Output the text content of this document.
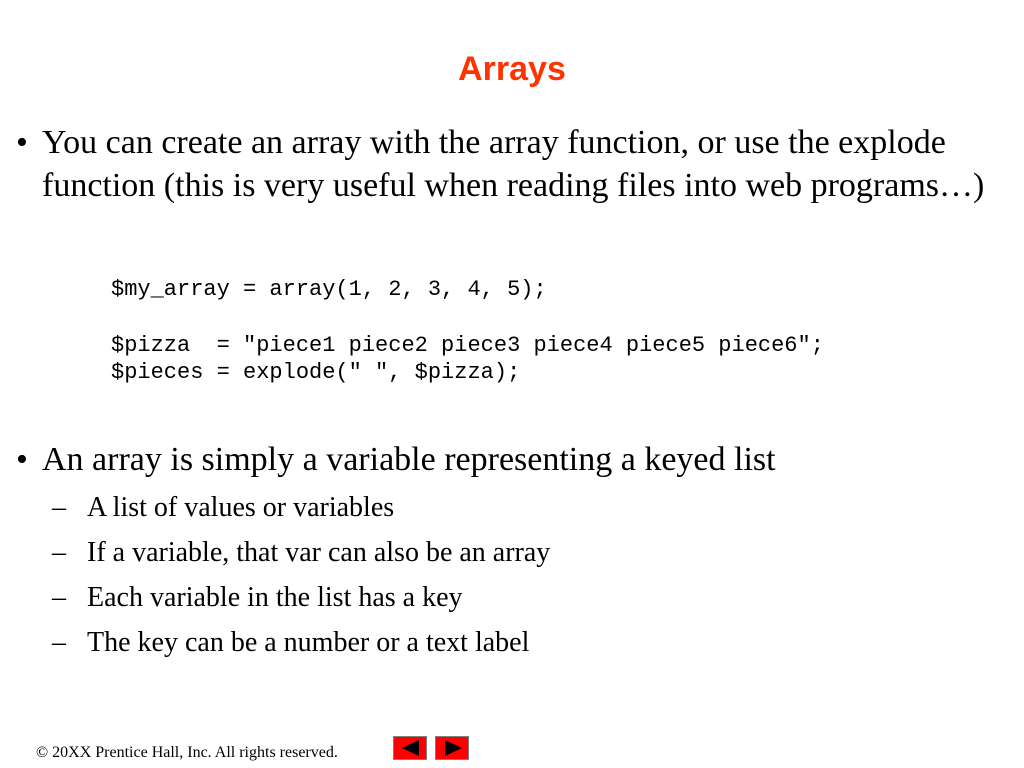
Arrays
• You can create an array with the array function, or use the explode function (this is very useful when reading files into web programs…)
$my_array = array(1, 2, 3, 4, 5);
$pizza  = "piece1 piece2 piece3 piece4 piece5 piece6";
$pieces = explode(" ", $pizza);
• An array is simply a variable representing a keyed list
– A list of values or variables
– If a variable, that var can also be an array
– Each variable in the list has a key
– The key can be a number or a text label
© 20XX Prentice Hall, Inc. All rights reserved.
